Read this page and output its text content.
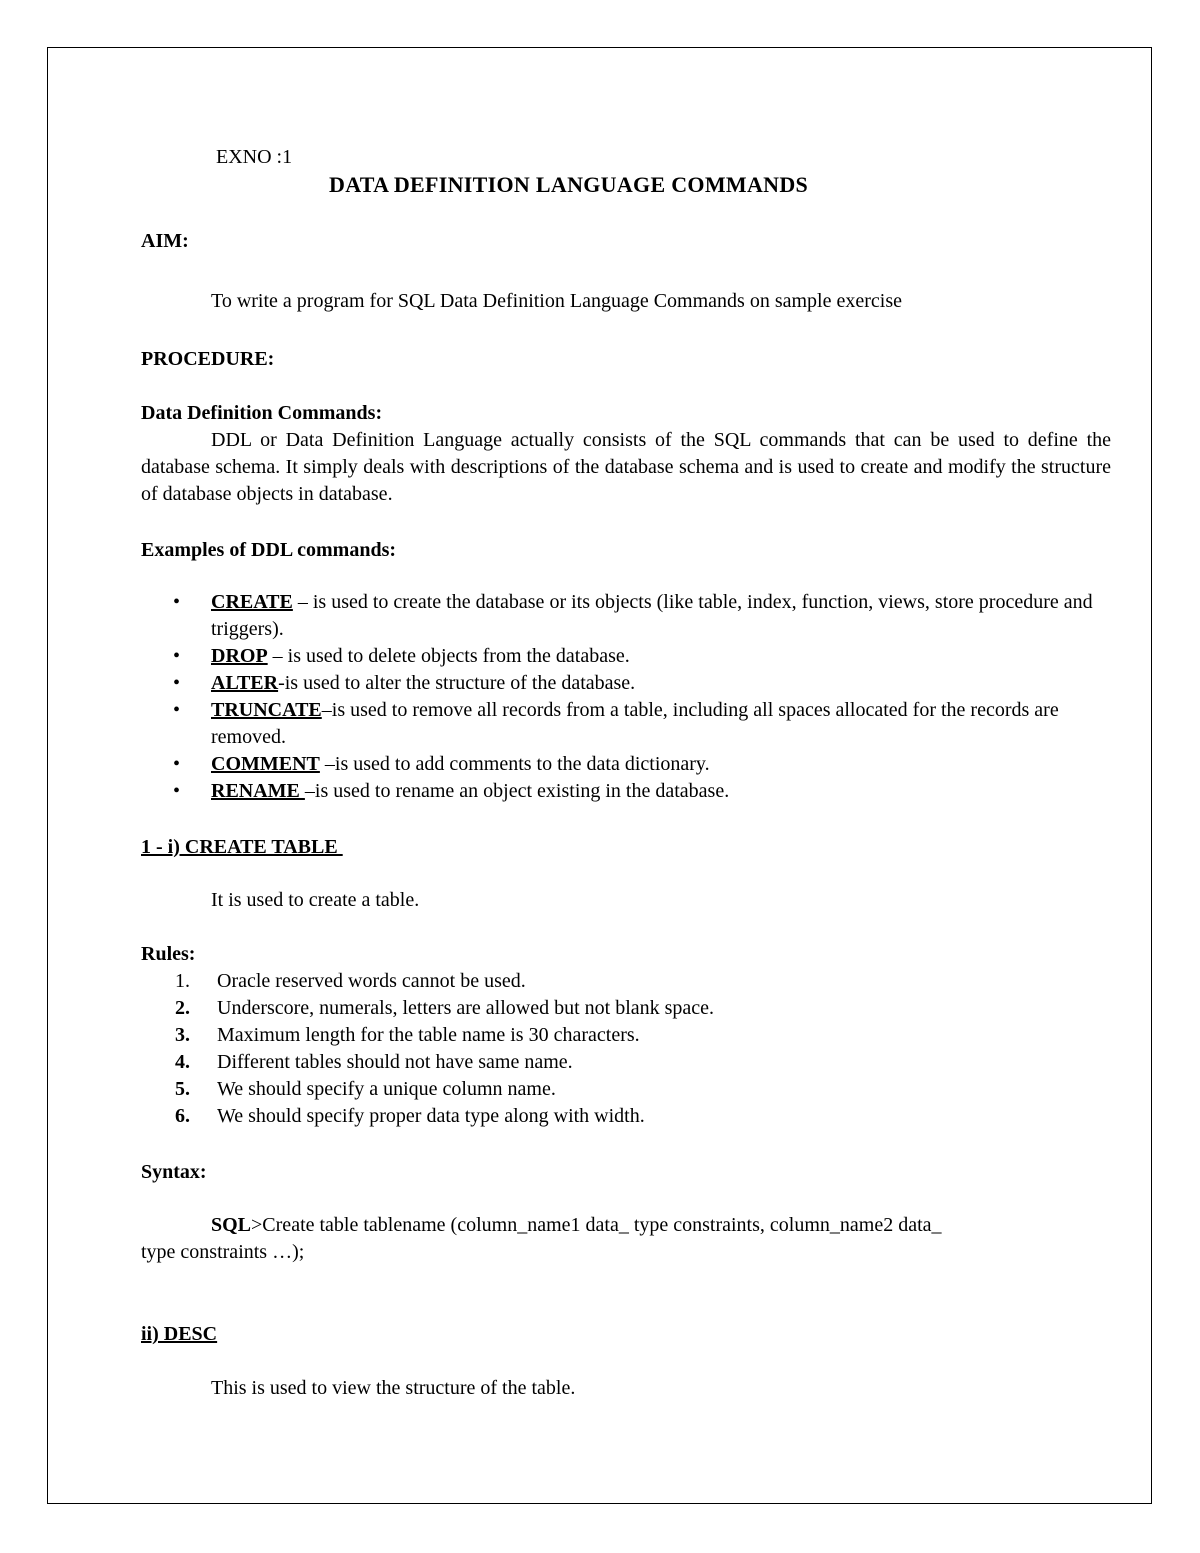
EXNO :1
DATA DEFINITION LANGUAGE COMMANDS
AIM:
To write a program for SQL Data Definition Language Commands on sample exercise
PROCEDURE:
Data Definition Commands:
DDL or Data Definition Language actually consists of the SQL commands that can be used to define the database schema. It simply deals with descriptions of the database schema and is used to create and modify the structure of database objects in database.
Examples of DDL commands:
• CREATE – is used to create the database or its objects (like table, index, function, views, store procedure and triggers).
• DROP – is used to delete objects from the database.
• ALTER-is used to alter the structure of the database.
• TRUNCATE–is used to remove all records from a table, including all spaces allocated for the records are removed.
• COMMENT –is used to add comments to the data dictionary.
• RENAME –is used to rename an object existing in the database.
1 - i) CREATE TABLE
It is used to create a table.
Rules:
1. Oracle reserved words cannot be used.
2. Underscore, numerals, letters are allowed but not blank space.
3. Maximum length for the table name is 30 characters.
4. Different tables should not have same name.
5. We should specify a unique column name.
6. We should specify proper data type along with width.
Syntax:
SQL>Create table tablename (column_name1 data_ type constraints, column_name2 data_
type constraints …);
ii) DESC
This is used to view the structure of the table.
